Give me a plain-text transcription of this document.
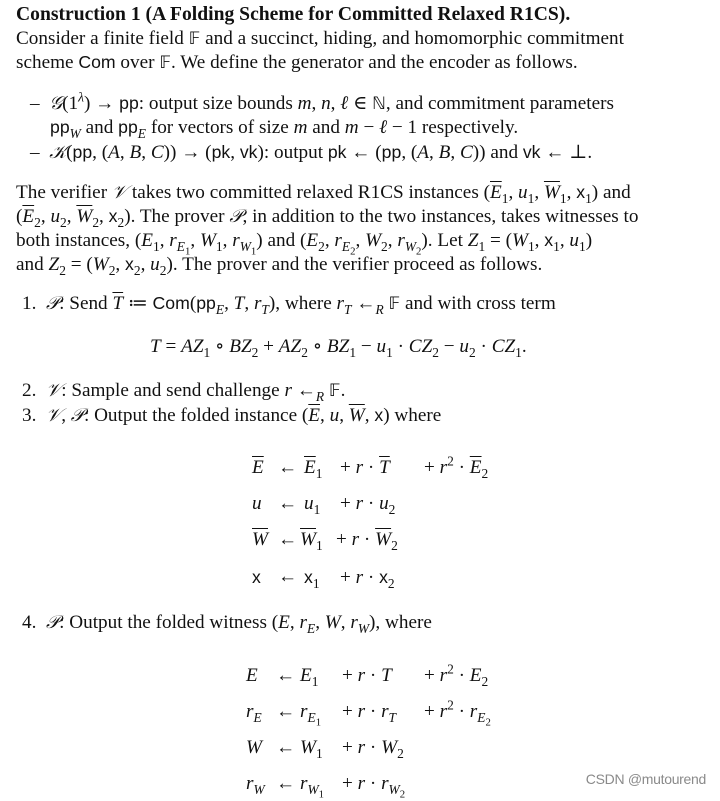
Construction 1 (A Folding Scheme for Committed Relaxed R1CS).
Consider a finite field 𝔽 and a succinct, hiding, and homomorphic commitment
scheme Com over 𝔽. We define the generator and the encoder as follows.
–  $𝒢(1^\lambda)$ → pp: output size bounds m, n, ℓ ∈ ℕ, and commitment parameters
$pp_W$ and $pp_E$ for vectors of size m and m − ℓ − 1 respectively.
–  𝒦(pp, (A, B, C)) → (pk, vk): output pk ← (pp, (A, B, C)) and vk ← ⊥.
The verifier 𝒱 takes two committed relaxed R1CS instances ($\overline{E}_1$, $u_1$, $\overline{W}_1$, $x_1$) and
($\overline{E}_2$, $u_2$, $\overline{W}_2$, $x_2$). The prover 𝒫, in addition to the two instances, takes witnesses to
both instances, ($E_1$, $r_{E_1}$, $W_1$, $r_{W_1}$) and ($E_2$, $r_{E_2}$, $W_2$, $r_{W_2}$). Let $Z_1 = (W_1$, $x_1$, $u_1$)
and $Z_2 = (W_2$, $x_2$, $u_2$). The prover and the verifier proceed as follows.
1. 𝒫: Send $\overline{T}$ ≔ $Com(pp_E$, T, $r_T$), where $r_T$ $\leftarrow_R$ 𝔽 and with cross term
$T = AZ_1$ ∘ $BZ_2 + AZ_2$ ∘ $BZ_1 - u_1 \cdot CZ_2 - u_2 \cdot CZ_1$.
2. 𝒱: Sample and send challenge r $\leftarrow_R$ 𝔽.
3. 𝒱, 𝒫: Output the folded instance ($\overline{E}$, u, $\overline{W}$, x) where
$\overline{E}$ ← $\overline{E}_1 + r \cdot \overline{T} + r^2 \cdot \overline{E}_2$
u ← $u_1 + r \cdot u_2$
$\overline{W}$ ← $\overline{W}_1 + r \cdot \overline{W}_2$
x ← $x_1 + r \cdot x_2$
4. 𝒫: Output the folded witness (E, $r_E$, W, $r_W$), where
E ← $E_1 + r \cdot T + r^2 \cdot E_2$
$r_E$ ← $r_{E_1}$
+ $r \cdot r_T + r^2 \cdot r_{E_2}$
W ← $W_1 + r \cdot W_2$
$r_W$ ← $r_{W_1}$
+ $r \cdot r_{W_2}$
CSDN @mutourend
